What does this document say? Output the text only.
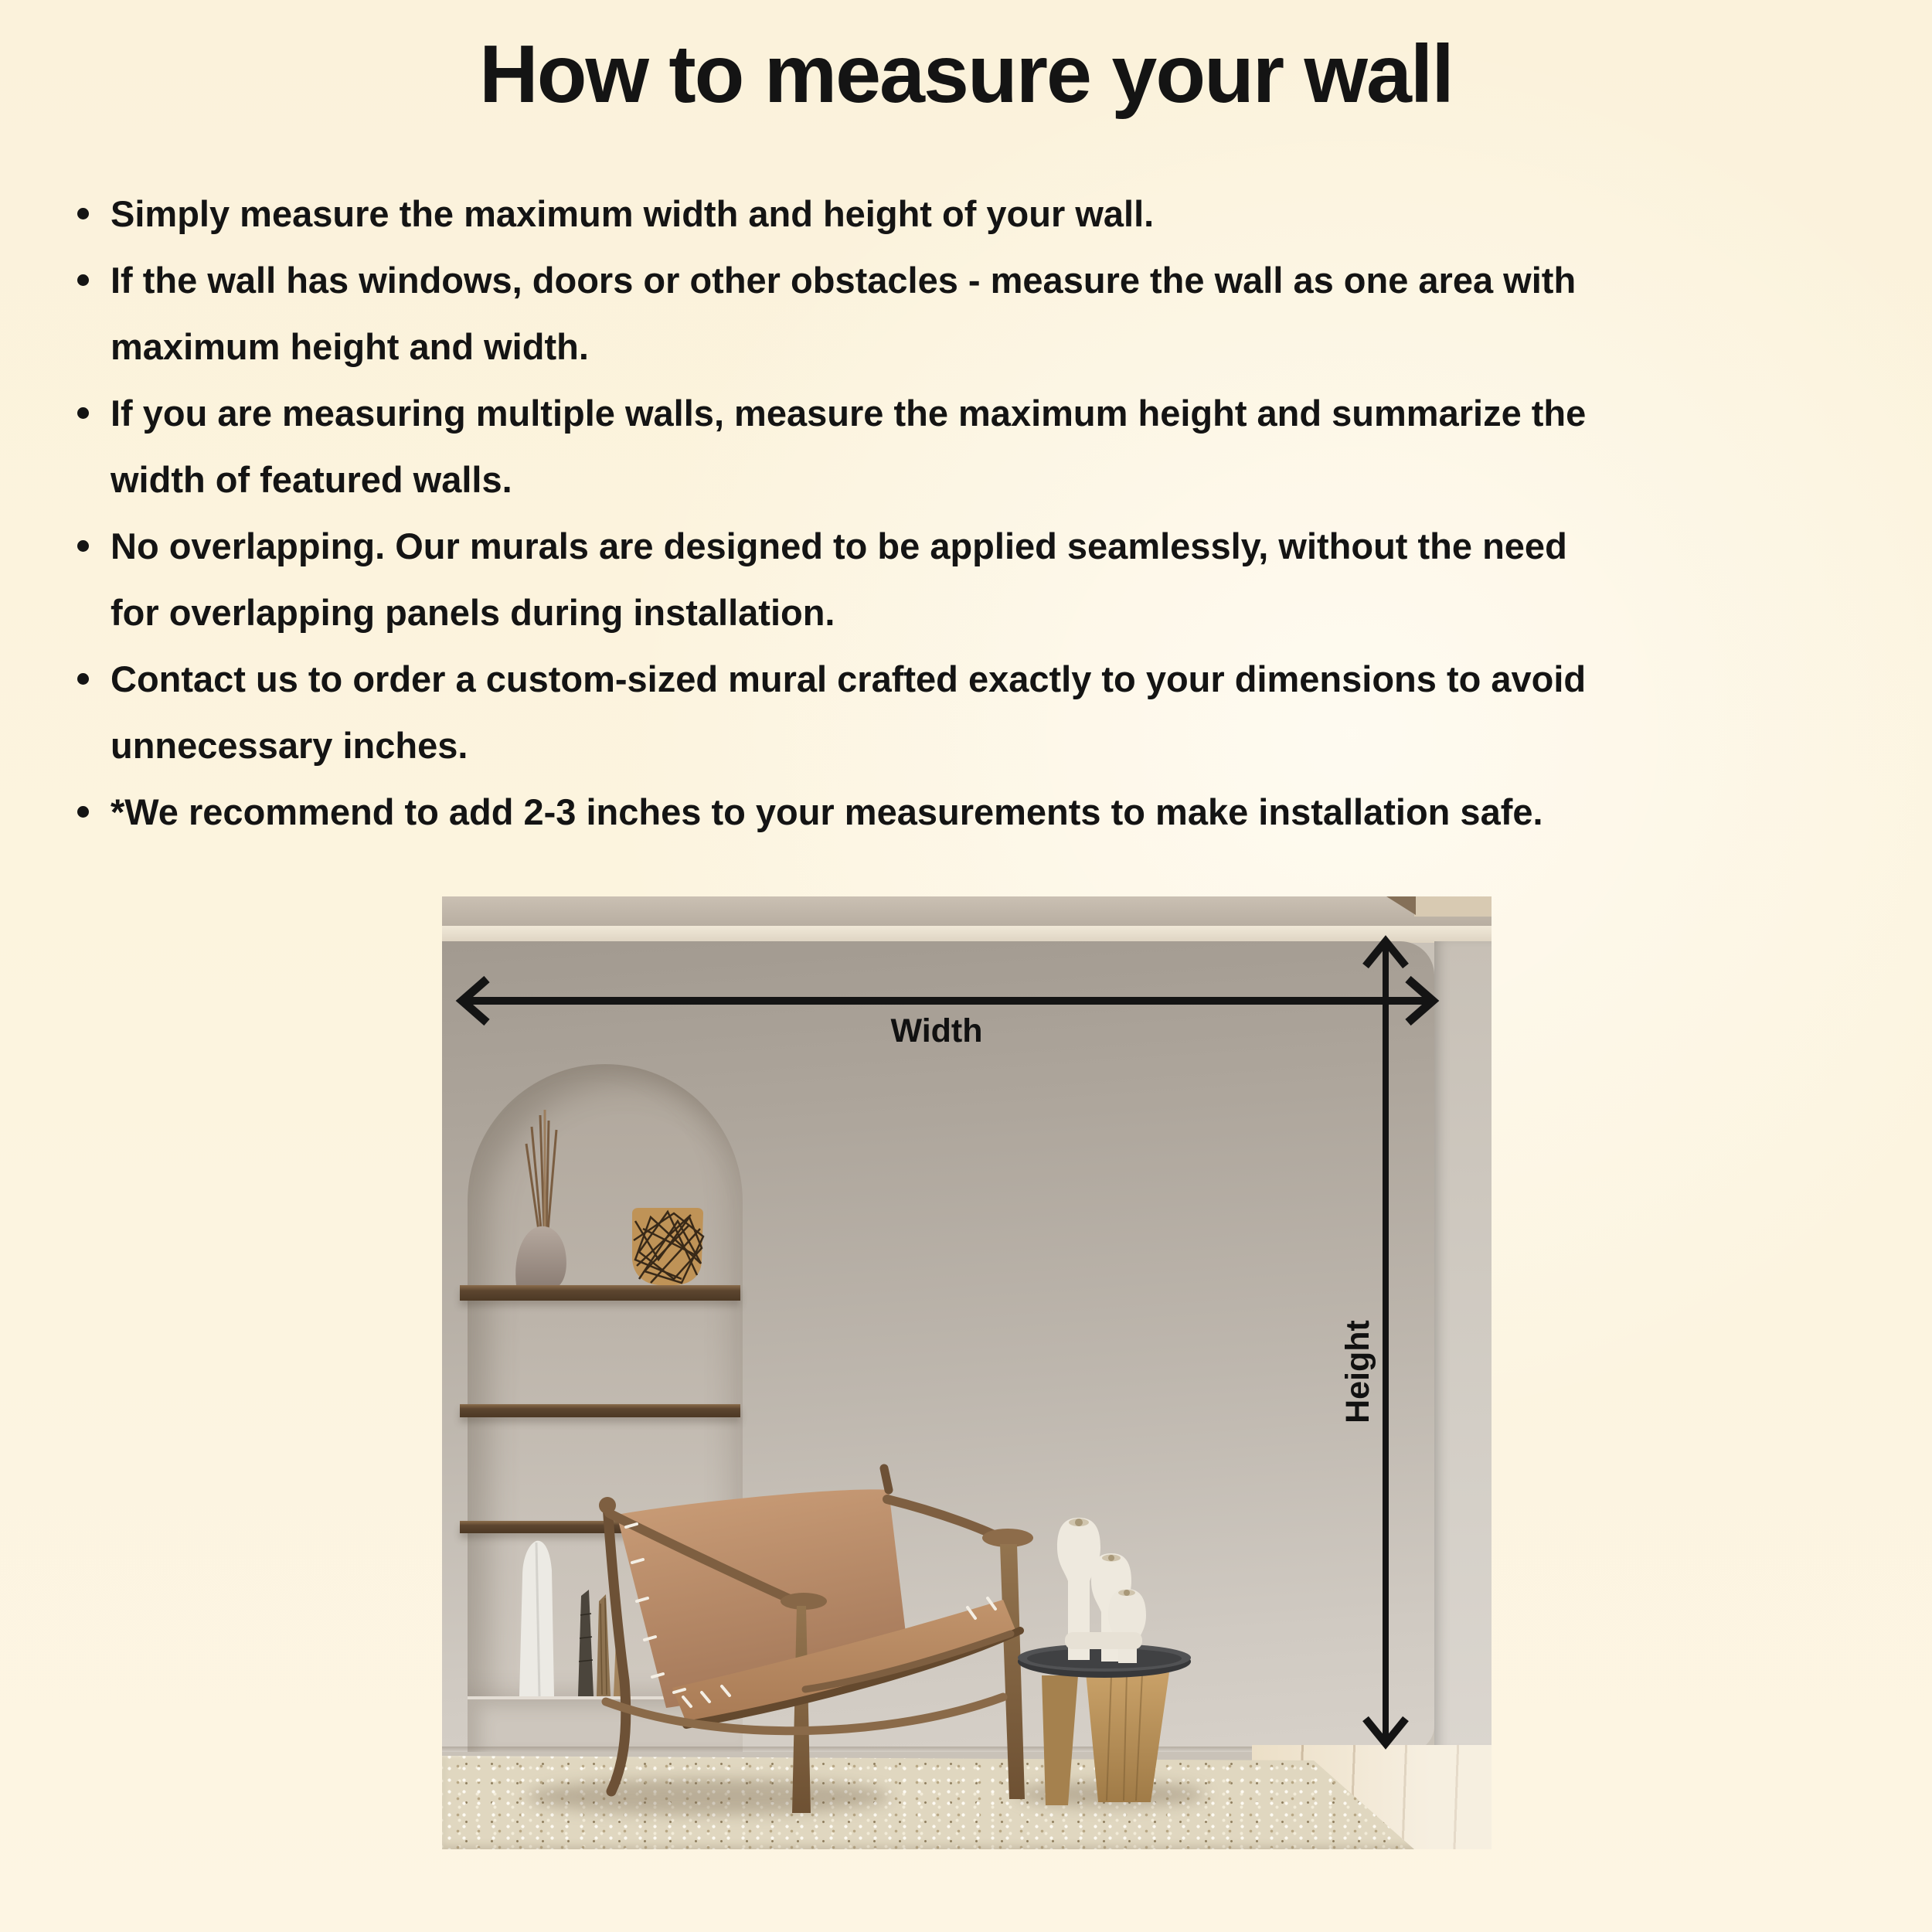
How to measure your wall
Simply measure the maximum width and height of your wall.
If the wall has windows, doors or other obstacles - measure the wall as one area with
maximum height and width.
If you are measuring multiple walls, measure the maximum height and summarize the
width of featured walls.
No overlapping. Our murals are designed to be applied seamlessly, without the need
for overlapping panels during installation.
Contact us to order a custom-sized mural crafted exactly to your dimensions to avoid
unnecessary inches.
*We recommend to add 2-3 inches to your measurements to make installation safe.
Width
Height
